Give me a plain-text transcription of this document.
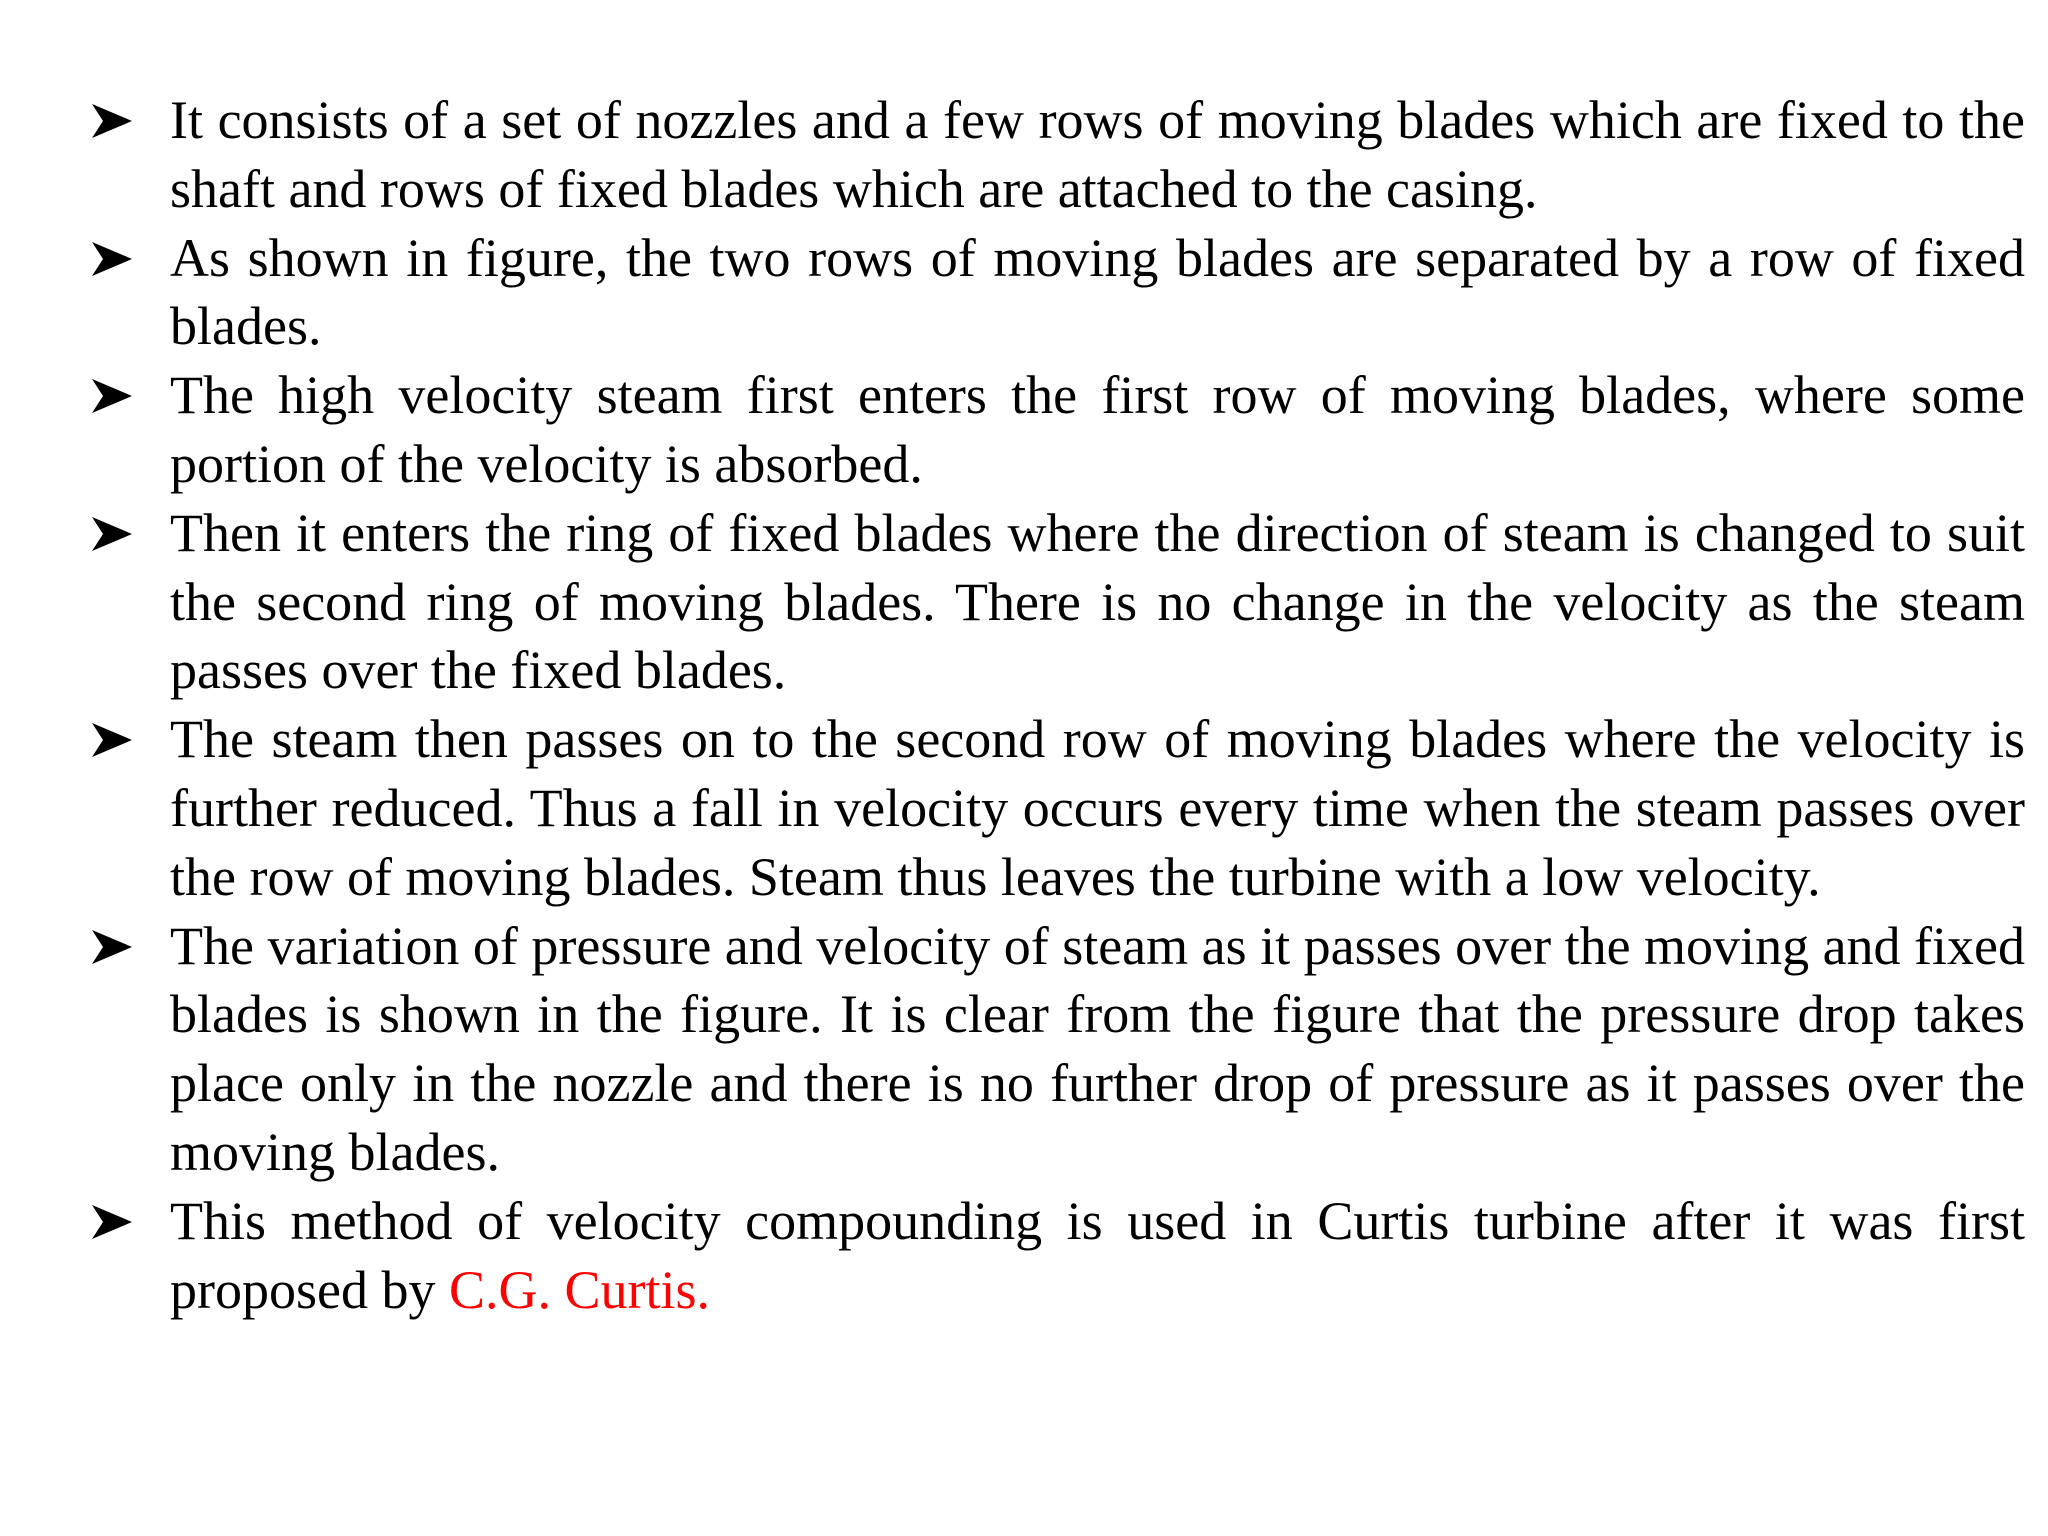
It consists of a set of nozzles and a few rows of moving blades which are fixed to the shaft and rows of fixed blades which are attached to the casing.
As shown in figure, the two rows of moving blades are separated by a row of fixed blades.
The high velocity steam first enters the first row of moving blades, where some portion of the velocity is absorbed.
Then it enters the ring of fixed blades where the direction of steam is changed to suit the second ring of moving blades. There is no change in the velocity as the steam passes over the fixed blades.
The steam then passes on to the second row of moving blades where the velocity is further reduced. Thus a fall in velocity occurs every time when the steam passes over the row of moving blades. Steam thus leaves the turbine with a low velocity.
The variation of pressure and velocity of steam as it passes over the moving and fixed blades is shown in the figure. It is clear from the figure that the pressure drop takes place only in the nozzle and there is no further drop of pressure as it passes over the moving blades.
This method of velocity compounding is used in Curtis turbine after it was first proposed by C.G. Curtis.
